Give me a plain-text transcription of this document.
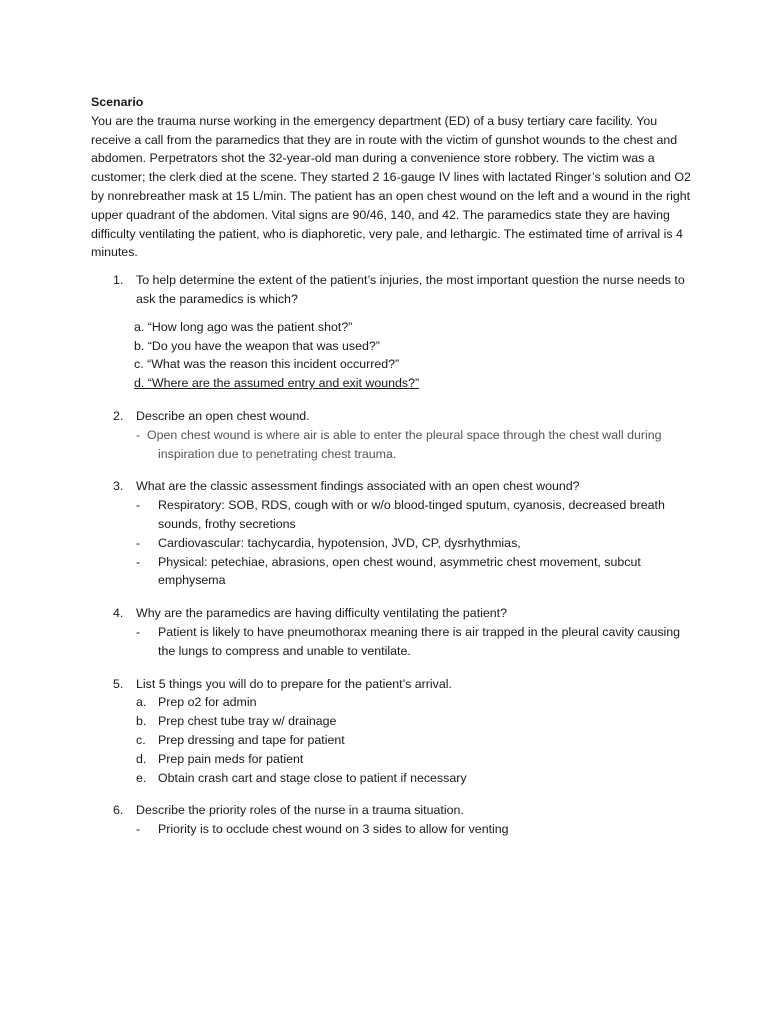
Scenario

You are the trauma nurse working in the emergency department (ED) of a busy tertiary care facility. You receive a call from the paramedics that they are in route with the victim of gunshot wounds to the chest and abdomen. Perpetrators shot the 32-year-old man during a convenience store robbery. The victim was a customer; the clerk died at the scene. They started 2 16-gauge IV lines with lactated Ringer’s solution and O2 by nonrebreather mask at 15 L/min. The patient has an open chest wound on the left and a wound in the right upper quadrant of the abdomen. Vital signs are 90/46, 140, and 42. The paramedics state they are having difficulty ventilating the patient, who is diaphoretic, very pale, and lethargic. The estimated time of arrival is 4 minutes.

1. To help determine the extent of the patient’s injuries, the most important question the nurse needs to ask the paramedics is which?
a. “How long ago was the patient shot?”
b. “Do you have the weapon that was used?”
c. “What was the reason this incident occurred?”
d. “Where are the assumed entry and exit wounds?”
2. Describe an open chest wound.
- Open chest wound is where air is able to enter the pleural space through the chest wall during inspiration due to penetrating chest trauma.
3. What are the classic assessment findings associated with an open chest wound?
- Respiratory: SOB, RDS, cough with or w/o blood-tinged sputum, cyanosis, decreased breath sounds, frothy secretions
- Cardiovascular: tachycardia, hypotension, JVD, CP, dysrhythmias,
- Physical: petechiae, abrasions, open chest wound, asymmetric chest movement, subcut emphysema
4. Why are the paramedics are having difficulty ventilating the patient?
- Patient is likely to have pneumothorax meaning there is air trapped in the pleural cavity causing the lungs to compress and unable to ventilate.
5. List 5 things you will do to prepare for the patient’s arrival.
a. Prep o2 for admin
b. Prep chest tube tray w/ drainage
c. Prep dressing and tape for patient
d. Prep pain meds for patient
e. Obtain crash cart and stage close to patient if necessary
6. Describe the priority roles of the nurse in a trauma situation.
- Priority is to occlude chest wound on 3 sides to allow for venting
